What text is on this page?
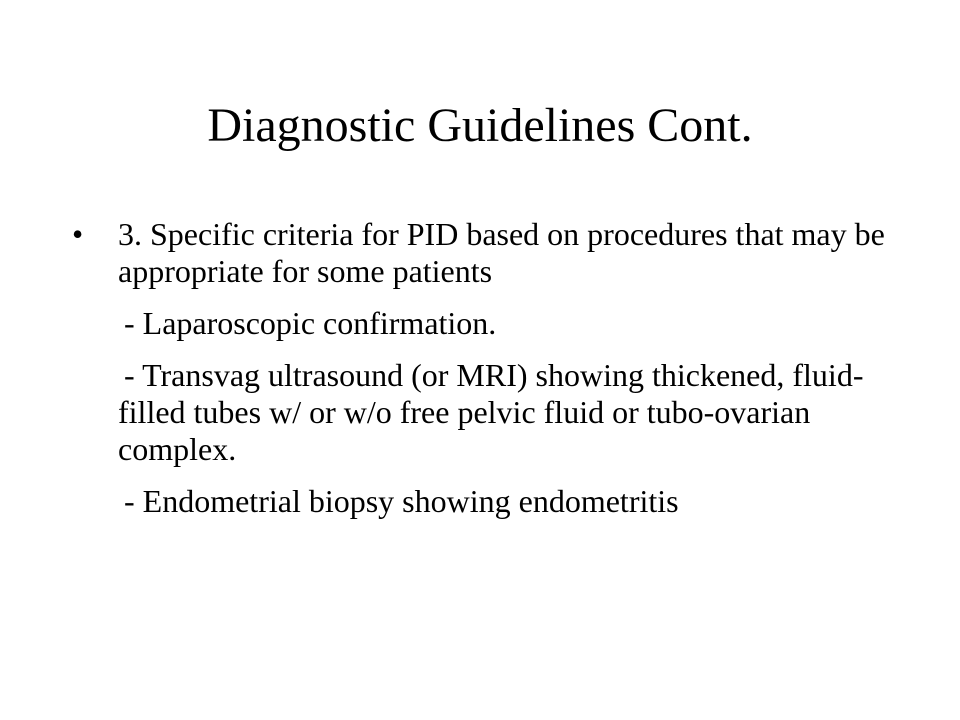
Diagnostic Guidelines Cont.
• 3. Specific criteria for PID based on procedures that may be appropriate for some patients

- Laparoscopic confirmation.

- Transvag ultrasound (or MRI) showing thickened, fluid-filled tubes w/ or w/o free pelvic fluid or tubo-ovarian complex.

- Endometrial biopsy showing endometritis
